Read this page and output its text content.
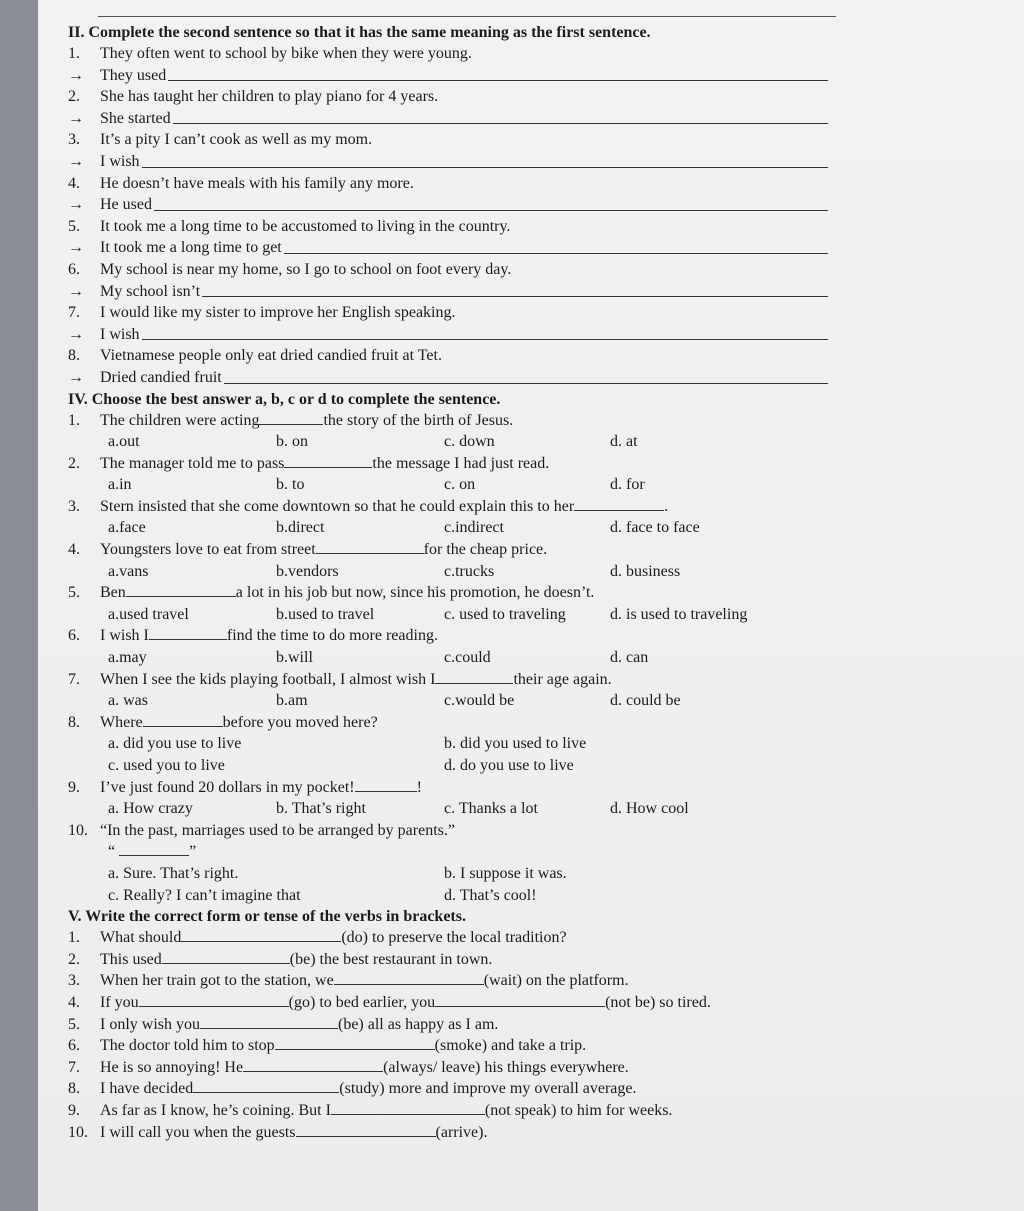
II. Complete the second sentence so that it has the same meaning as the first sentence.
1.	They often went to school by bike when they were young.
→	They used
2.	She has taught her children to play piano for 4 years.
→	She started
3.	It’s a pity I can’t cook as well as my mom.
→	I wish
4.	He doesn’t have meals with his family any more.
→	He used
5.	It took me a long time to be accustomed to living in the country.
→	It took me a long time to get
6.	My school is near my home, so I go to school on foot every day.
→	My school isn’t
7.	I would like my sister to improve her English speaking.
→	I wish
8.	Vietnamese people only eat dried candied fruit at Tet.
→	Dried candied fruit
IV. Choose the best answer a, b, c or d to complete the sentence.
1.	The children were acting	the story of the birth of Jesus.
a.out	b. on	c. down	d. at
2.	The manager told me to pass	the message I had just read.
a.in	b. to	c. on	d. for
3.	Stern insisted that she come downtown so that he could explain this to her	.
a.face	b.direct	c.indirect	d. face to face
4.	Youngsters love to eat from street	for the cheap price.
a.vans	b.vendors	c.trucks	d. business
5.	Ben	a lot in his job but now, since his promotion, he doesn’t.
a.used travel	b.used to travel	c. used to traveling	d. is used to traveling
6.	I wish I	find the time to do more reading.
a.may	b.will	c.could	d. can
7.	When I see the kids playing football, I almost wish I	their age again.
a. was	b.am	c.would be	d. could be
8.	Where	before you moved here?
a. did you use to live	b. did you used to live
c. used you to live	d. do you use to live
9.	I’ve just found 20 dollars in my pocket!	!
a. How crazy	b. That’s right	c. Thanks a lot	d. How cool
10. “In the past, marriages used to be arranged by parents.”
“	”
a. Sure. That’s right.	b. I suppose it was.
c. Really? I can’t imagine that	d. That’s cool!
V. Write the correct form or tense of the verbs in brackets.
1.	What should	(do) to preserve the local tradition?
2.	This used	(be) the best restaurant in town.
3.	When her train got to the station, we	(wait) on the platform.
4.	If you	(go) to bed earlier, you	(not be) so tired.
5.	I only wish you	(be) all as happy as I am.
6.	The doctor told him to stop	(smoke) and take a trip.
7.	He is so annoying! He	(always/ leave) his things everywhere.
8.	I have decided	(study) more and improve my overall average.
9.	As far as I know, he’s coining. But I	(not speak) to him for weeks.
10. I will call you when the guests	(arrive).
